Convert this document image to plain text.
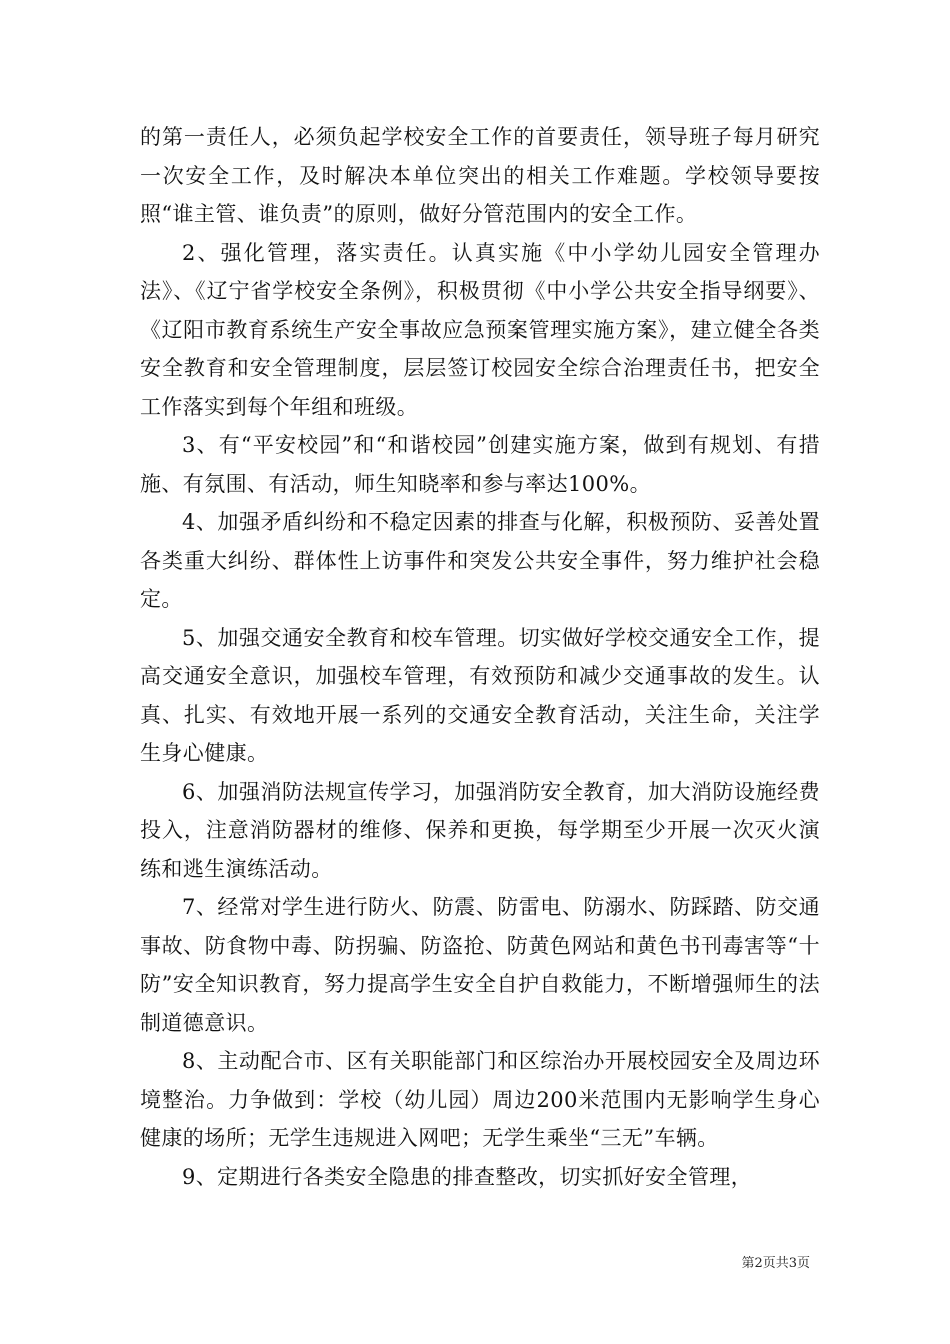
的第一责任人，必须负起学校安全工作的首要责任，领导班子每月研究一次安全工作，及时解决本单位突出的相关工作难题。学校领导要按照“谁主管、谁负责”的原则，做好分管范围内的安全工作。

2、强化管理，落实责任。认真实施《中小学幼儿园安全管理办法》、《辽宁省学校安全条例》，积极贯彻《中小学公共安全指导纲要》、《辽阳市教育系统生产安全事故应急预案管理实施方案》，建立健全各类安全教育和安全管理制度，层层签订校园安全综合治理责任书，把安全工作落实到每个年组和班级。

3、有“平安校园”和“和谐校园”创建实施方案，做到有规划、有措施、有氛围、有活动，师生知晓率和参与率达100%。

4、加强矛盾纠纷和不稳定因素的排查与化解，积极预防、妥善处置各类重大纠纷、群体性上访事件和突发公共安全事件，努力维护社会稳定。

5、加强交通安全教育和校车管理。切实做好学校交通安全工作，提高交通安全意识，加强校车管理，有效预防和减少交通事故的发生。认真、扎实、有效地开展一系列的交通安全教育活动，关注生命，关注学生身心健康。

6、加强消防法规宣传学习，加强消防安全教育，加大消防设施经费投入，注意消防器材的维修、保养和更换，每学期至少开展一次灭火演练和逃生演练活动。

7、经常对学生进行防火、防震、防雷电、防溺水、防踩踏、防交通事故、防食物中毒、防拐骗、防盗抢、防黄色网站和黄色书刊毒害等“十防”安全知识教育，努力提高学生安全自护自救能力，不断增强师生的法制道德意识。

8、主动配合市、区有关职能部门和区综治办开展校园安全及周边环境整治。力争做到：学校（幼儿园）周边200米范围内无影响学生身心健康的场所；无学生违规进入网吧；无学生乘坐“三无”车辆。

9、定期进行各类安全隐患的排查整改，切实抓好安全管理，

第2页共3页
